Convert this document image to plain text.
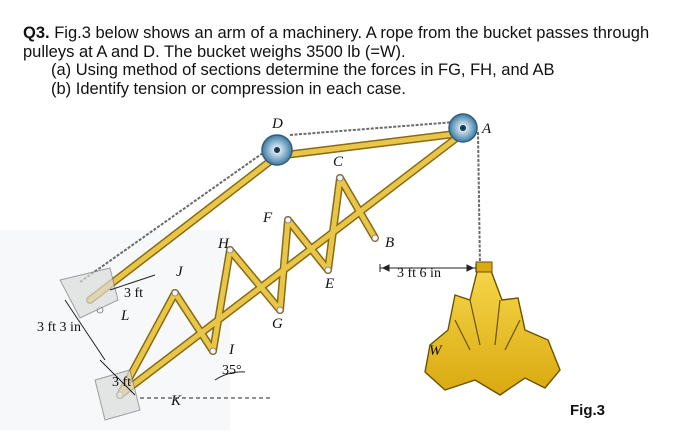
Q3. Fig.3 below shows an arm of a machinery. A rope from the bucket passes through
pulleys at A and D. The bucket weighs 3500 lb (=W).
(a) Using method of sections determine the forces in FG, FH, and AB
(b) Identify tension or compression in each case.
D	A
C
F
H	B
E
J
G
L
I
K
W
3 ft
3 ft 3 in
3 ft
3 ft 6 in
35°
Fig.3
